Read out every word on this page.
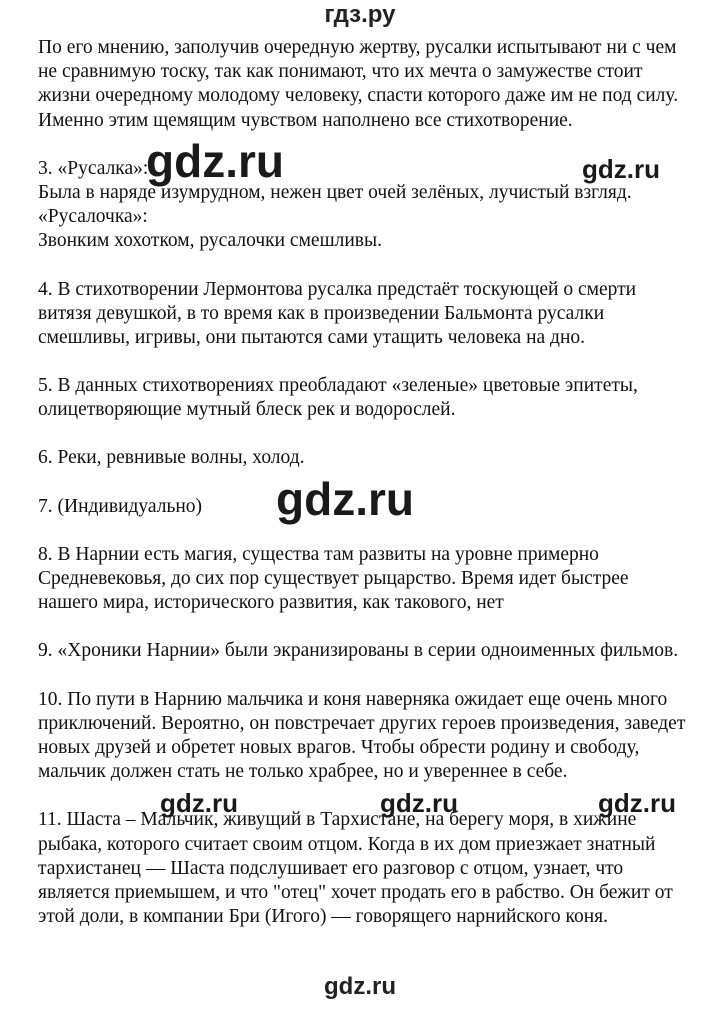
гдз.ру
По его мнению, заполучив очередную жертву, русалки испытывают ни с чем
не сравнимую тоску, так как понимают, что их мечта о замужестве стоит
жизни очередному молодому человеку, спасти которого даже им не под силу.
Именно этим щемящим чувством наполнено все стихотворение.
3. «Русалка»:
Была в наряде изумрудном, нежен цвет очей зелёных, лучистый взгляд.
«Русалочка»:
Звонким хохотком, русалочки смешливы.
4. В стихотворении Лермонтова русалка предстаёт тоскующей о смерти
витязя девушкой, в то время как в произведении Бальмонта русалки
смешливы, игривы, они пытаются сами утащить человека на дно.
5. В данных стихотворениях преобладают «зеленые» цветовые эпитеты,
олицетворяющие мутный блеск рек и водорослей.
6. Реки, ревнивые волны, холод.
7. (Индивидуально)
8. В Нарнии есть магия, существа там развиты на уровне примерно
Средневековья, до сих пор существует рыцарство. Время идет быстрее
нашего мира, исторического развития, как такового, нет
9. «Хроники Нарнии» были экранизированы в серии одноименных фильмов.
10. По пути в Нарнию мальчика и коня наверняка ожидает еще очень много
приключений. Вероятно, он повстречает других героев произведения, заведет
новых друзей и обретет новых врагов. Чтобы обрести родину и свободу,
мальчик должен стать не только храбрее, но и увереннее в себе.
11. Шаста – Мальчик, живущий в Тархистане, на берегу моря, в хижине
рыбака, которого считает своим отцом. Когда в их дом приезжает знатный
тархистанец — Шаста подслушивает его разговор с отцом, узнает, что
является приемышем, и что "отец" хочет продать его в рабство. Он бежит от
этой доли, в компании Бри (Игого) — говорящего нарнийского коня.
gdz.ru	gdz.ru
gdz.ru
gdz.ru	gdz.ru	gdz.ru
gdz.ru
